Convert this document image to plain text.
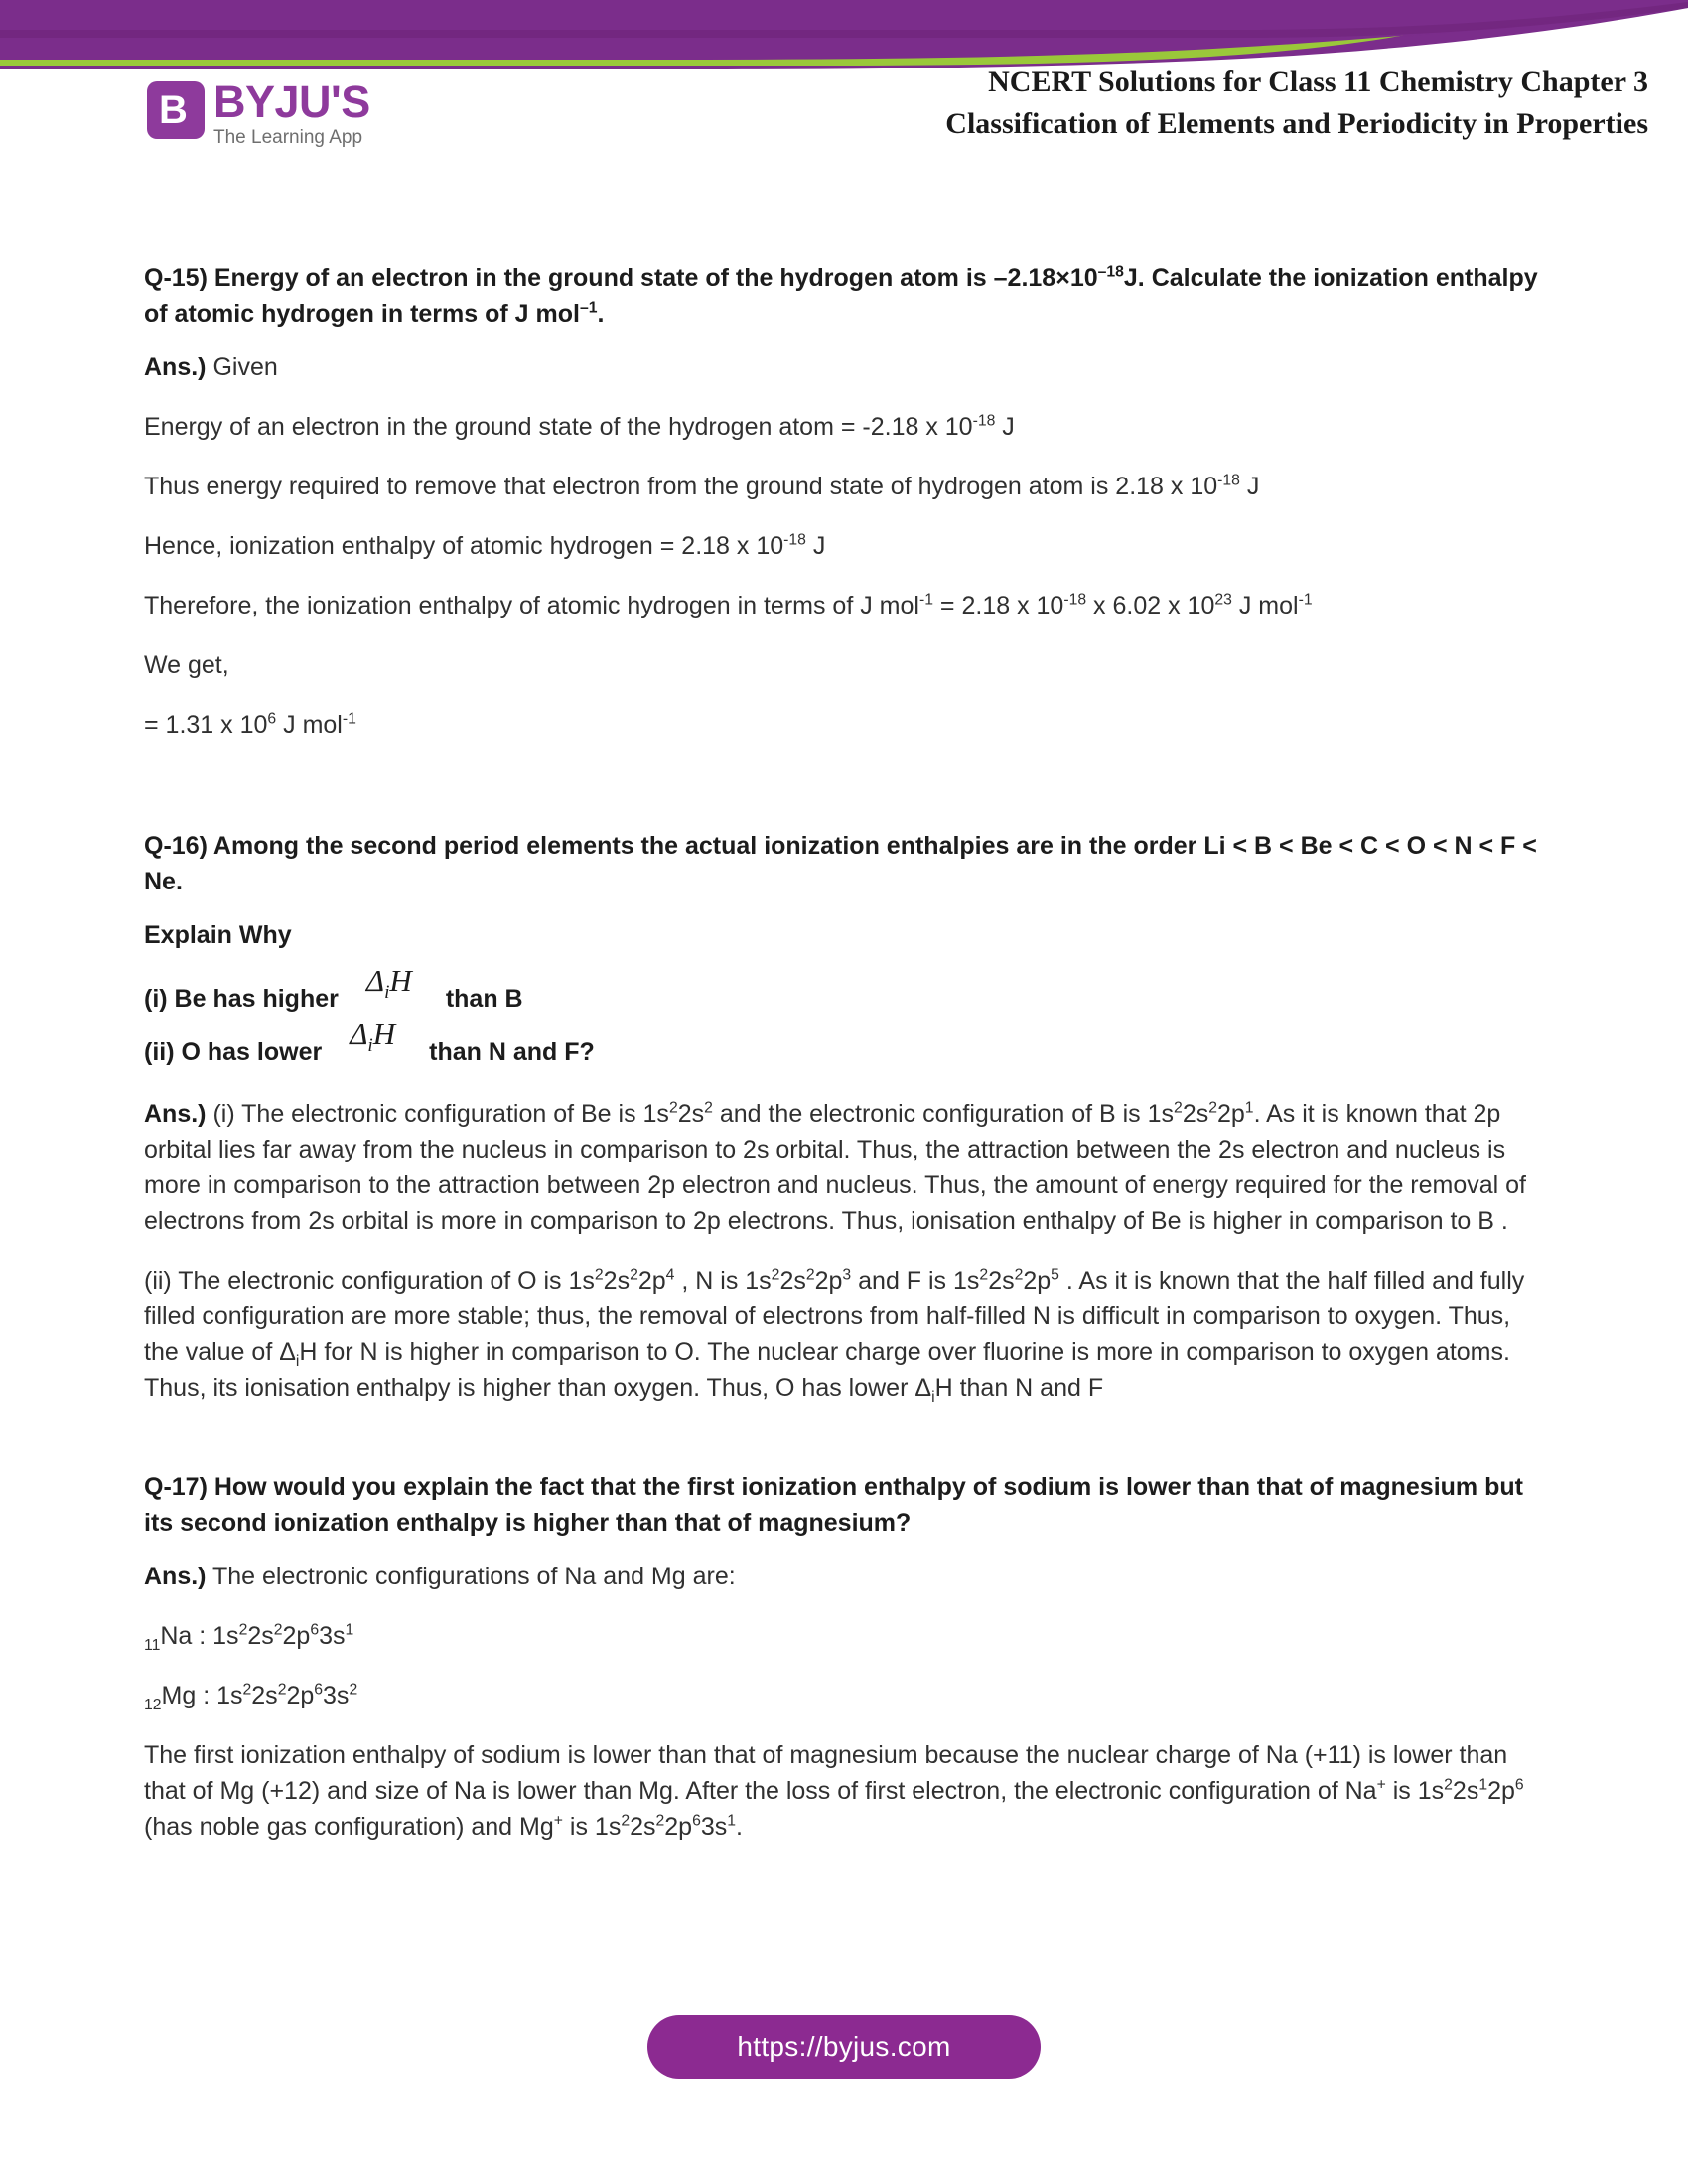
B BYJU'S
The Learning App
NCERT Solutions for Class 11 Chemistry Chapter 3
Classification of Elements and Periodicity in Properties

Q-15) Energy of an electron in the ground state of the hydrogen atom is $-2.18\times 10^{-18}J$. Calculate the ionization enthalpy of atomic hydrogen in terms of J mol$^{-1}$.

Ans.) Given

Energy of an electron in the ground state of the hydrogen atom = -2.18 x $10^{-18}$ J

Thus energy required to remove that electron from the ground state of hydrogen atom is 2.18 x $10^{-18}$ J

Hence, ionization enthalpy of atomic hydrogen = 2.18 x $10^{-18}$ J

Therefore, the ionization enthalpy of atomic hydrogen in terms of J mol$^{-1}$ = 2.18 x $10^{-18}$ x 6.02 x $10^{23}$ J mol$^{-1}$

We get,

= 1.31 x $10^6$ J mol$^{-1}$

Q-16) Among the second period elements the actual ionization enthalpies are in the order Li < B < Be < C < O < N < F < Ne.

Explain Why

(i) Be has higherΔ$_i$Hthan B

(ii) O has lowerΔ$_i$Hthan N and F?

Ans.) (i) The electronic configuration of Be is $1s^22s^2$ and the electronic configuration of B is $1s^22s^22p^1$. As it is known that 2p orbital lies far away from the nucleus in comparison to 2s orbital. Thus, the attraction between the 2s electron and nucleus is more in comparison to the attraction between 2p electron and nucleus. Thus, the amount of energy required for the removal of electrons from 2s orbital is more in comparison to 2p electrons. Thus, ionisation enthalpy of Be is higher in comparison to B .

(ii) The electronic configuration of O is $1s^22s^22p^4$ , N is $1s^22s^22p^3$ and F is $1s^22s^22p^5$ . As it is known that the half filled and fully filled configuration are more stable; thus, the removal of electrons from half-filled N is difficult in comparison to oxygen. Thus, the value of $\Delta_iH$ for N is higher in comparison to O. The nuclear charge over fluorine is more in comparison to oxygen atoms. Thus, its ionisation enthalpy is higher than oxygen. Thus, O has lower $\Delta_iH$ than N and F

Q-17) How would you explain the fact that the first ionization enthalpy of sodium is lower than that of magnesium but its second ionization enthalpy is higher than that of magnesium?

Ans.) The electronic configurations of Na and Mg are:

$_{11}$Na : $1s^22s^22p^63s^1$

$_{12}$Mg : $1s^22s^22p^63s^2$

The first ionization enthalpy of sodium is lower than that of magnesium because the nuclear charge of Na (+11) is lower than that of Mg (+12) and size of Na is lower than Mg. After the loss of first electron, the electronic configuration of Na+ is $1s^22s^12p^6$ (has noble gas configuration) and Mg+ is $1s^22s^22p^63s^1$.

https://byjus.com
